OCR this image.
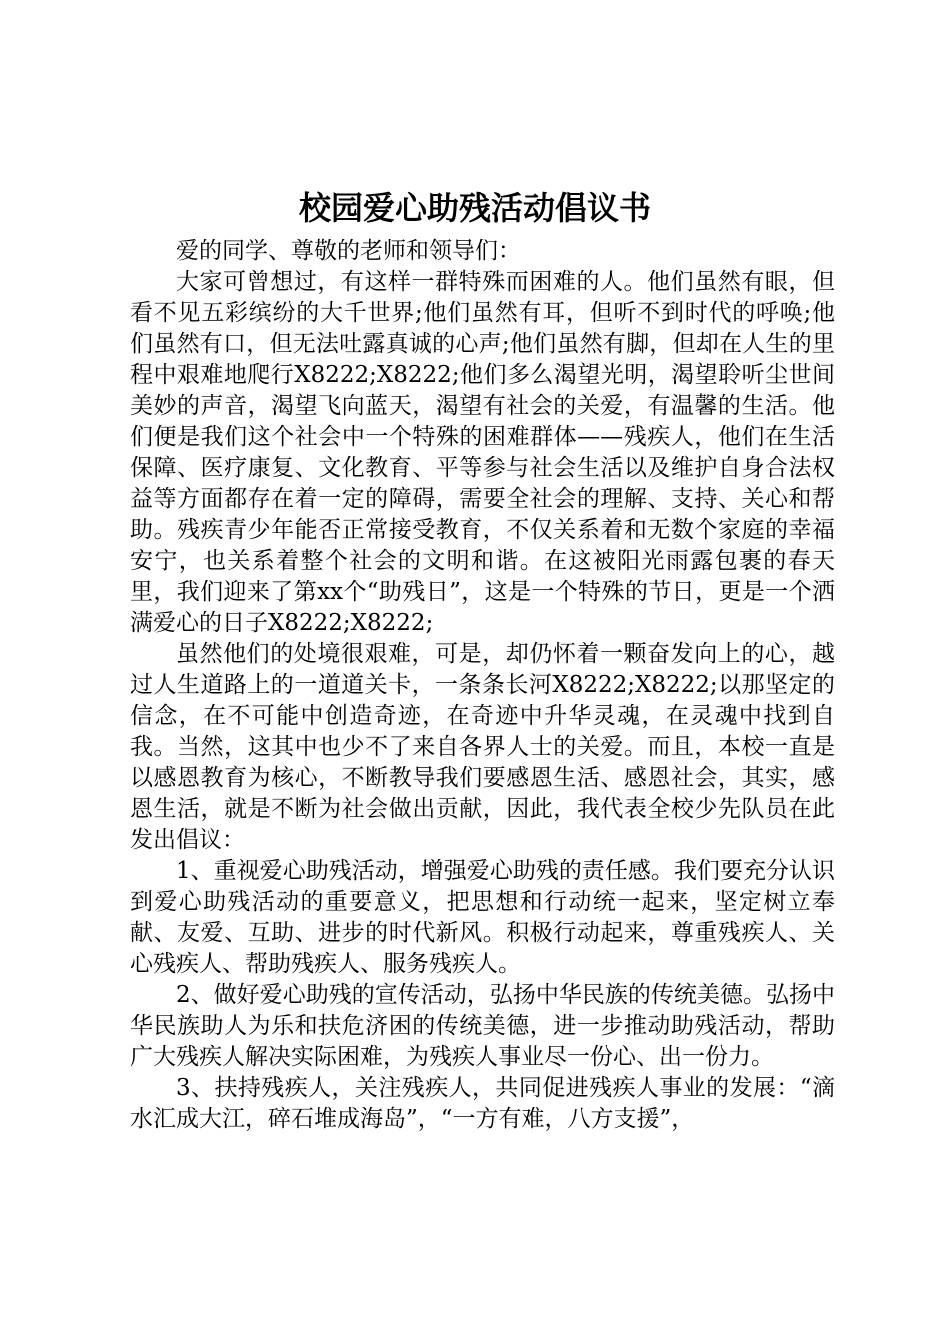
校园爱心助残活动倡议书

爱的同学、尊敬的老师和领导们：

大家可曾想过，有这样一群特殊而困难的人。他们虽然有眼，但看不见五彩缤纷的大千世界;他们虽然有耳，但听不到时代的呼唤;他们虽然有口，但无法吐露真诚的心声;他们虽然有脚，但却在人生的里程中艰难地爬行X8222;X8222;他们多么渴望光明，渴望聆听尘世间美妙的声音，渴望飞向蓝天，渴望有社会的关爱，有温馨的生活。他们便是我们这个社会中一个特殊的困难群体——残疾人，他们在生活保障、医疗康复、文化教育、平等参与社会生活以及维护自身合法权益等方面都存在着一定的障碍，需要全社会的理解、支持、关心和帮助。残疾青少年能否正常接受教育，不仅关系着和无数个家庭的幸福安宁，也关系着整个社会的文明和谐。在这被阳光雨露包裹的春天里，我们迎来了第xx个“助残日”，这是一个特殊的节日，更是一个洒满爱心的日子X8222;X8222;

虽然他们的处境很艰难，可是，却仍怀着一颗奋发向上的心，越过人生道路上的一道道关卡，一条条长河X8222;X8222;以那坚定的信念，在不可能中创造奇迹，在奇迹中升华灵魂，在灵魂中找到自我。当然，这其中也少不了来自各界人士的关爱。而且，本校一直是以感恩教育为核心，不断教导我们要感恩生活、感恩社会，其实，感恩生活，就是不断为社会做出贡献，因此，我代表全校少先队员在此发出倡议：

1、重视爱心助残活动，增强爱心助残的责任感。我们要充分认识到爱心助残活动的重要意义，把思想和行动统一起来，坚定树立奉献、友爱、互助、进步的时代新风。积极行动起来，尊重残疾人、关心残疾人、帮助残疾人、服务残疾人。

2、做好爱心助残的宣传活动，弘扬中华民族的传统美德。弘扬中华民族助人为乐和扶危济困的传统美德，进一步推动助残活动，帮助广大残疾人解决实际困难，为残疾人事业尽一份心、出一份力。

3、扶持残疾人，关注残疾人，共同促进残疾人事业的发展：“滴水汇成大江，碎石堆成海岛”，“一方有难，八方支援”，
